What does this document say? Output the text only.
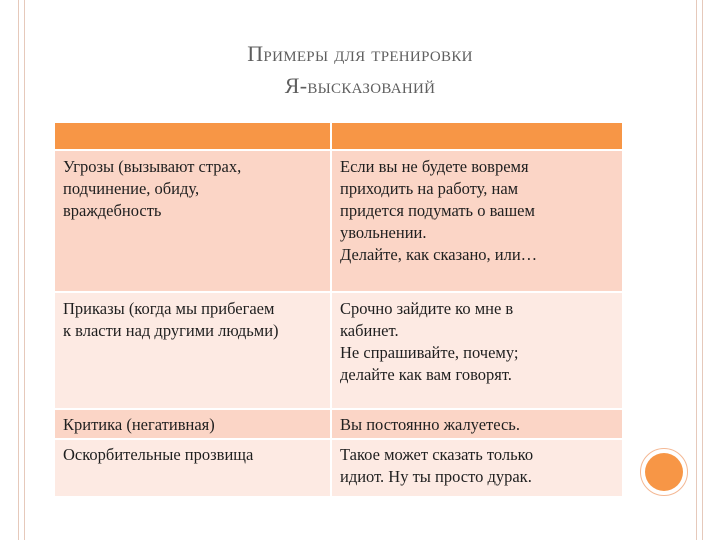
Примеры для тренировки
Я-высказований

Угрозы (вызывают страх,
подчинение, обиду,
враждебность	Если вы не будете вовремя
приходить на работу, нам
придется подумать о вашем
увольнении.
Делайте, как сказано, или…

Приказы (когда мы прибегаем
к власти над другими людьми)	Срочно зайдите ко мне в
кабинет.
Не спрашивайте, почему;
делайте как вам говорят.

Критика (негативная)	Вы постоянно жалуетесь.

Оскорбительные прозвища	Такое может сказать только
идиот. Ну ты просто дурак.
